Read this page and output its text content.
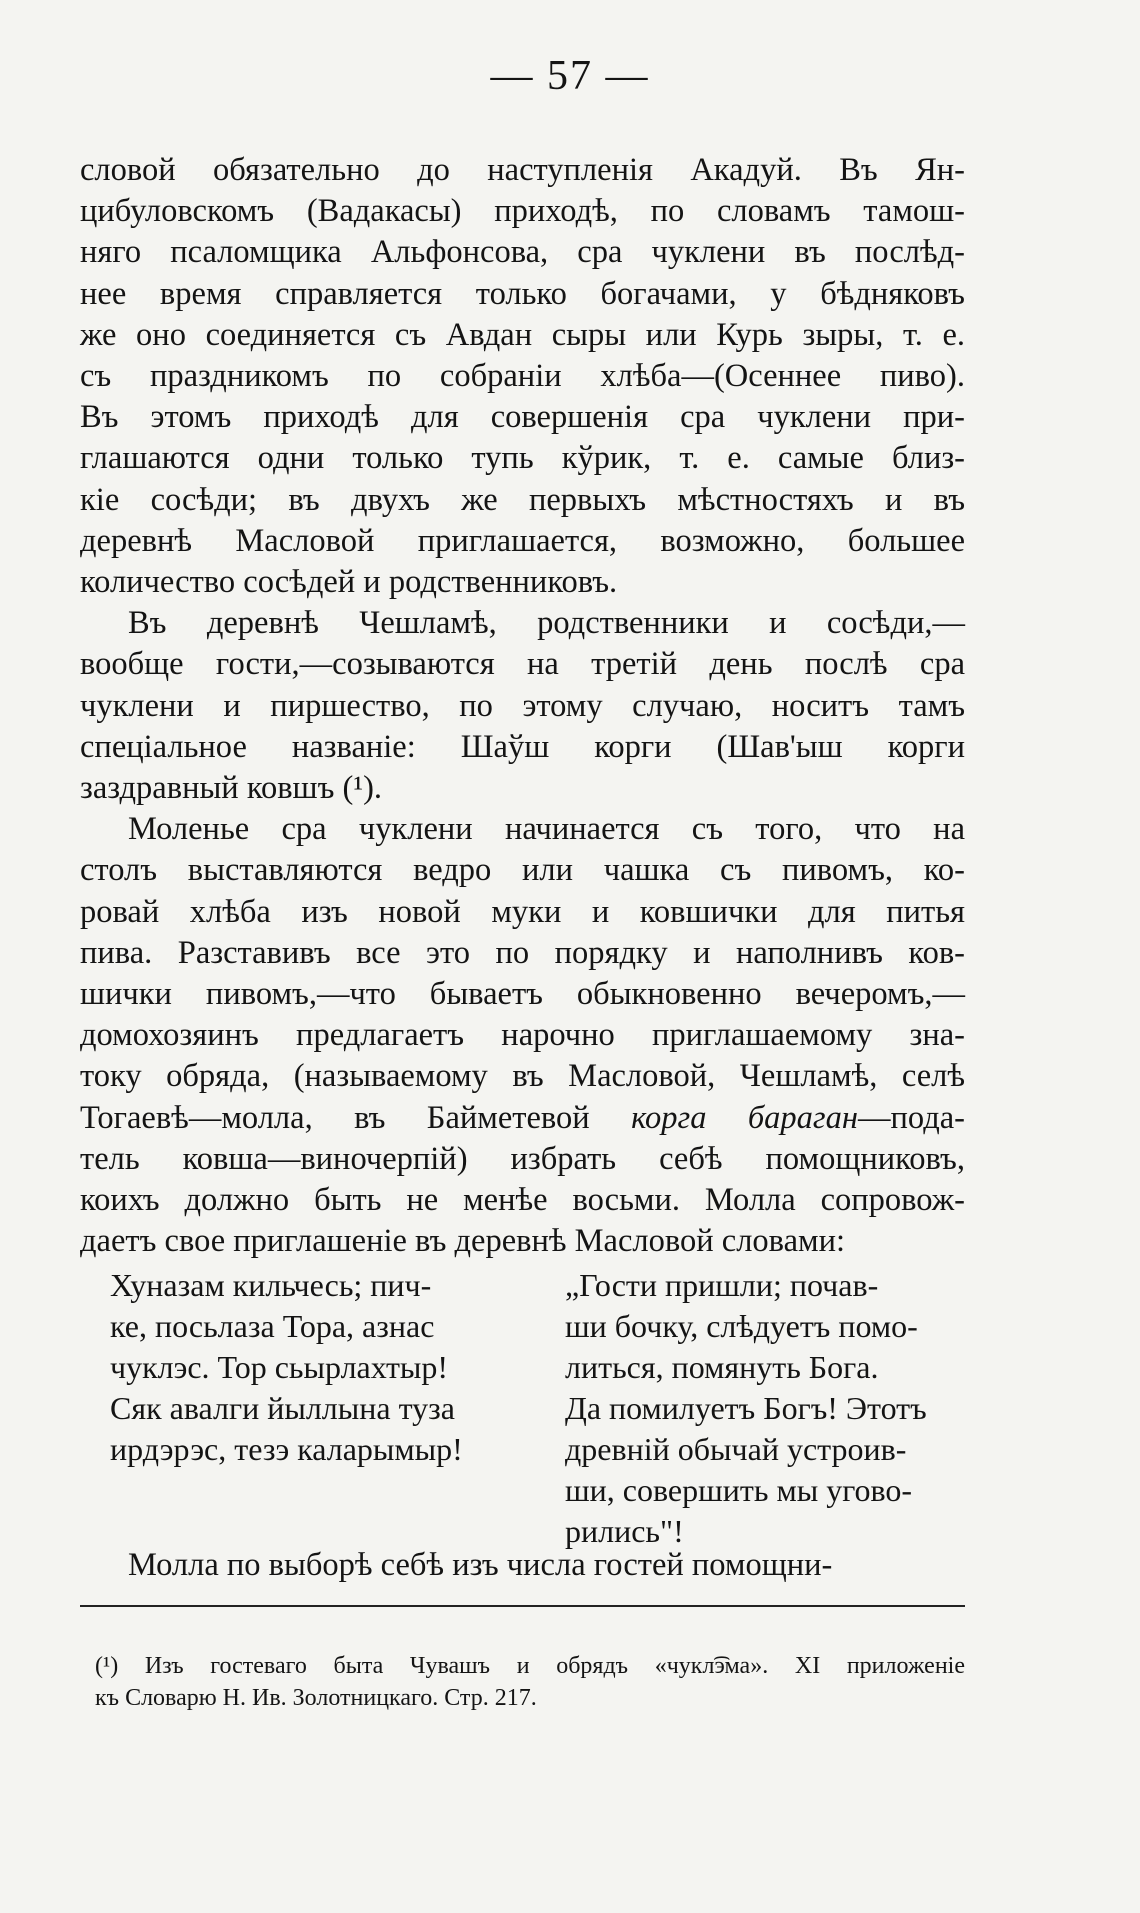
— 57 —

словой обязательно до наступленія Акадуй. Въ Ян-
цибуловскомъ (Вадакасы) приходѣ, по словамъ тамош-
няго псаломщика Альфонсова, сра чуклени въ послѣд-
нее время справляется только богачами, у бѣдняковъ
же оно соединяется съ Авдан сыры или Курь зыры, т. е.
съ праздникомъ по собраніи хлѣба—(Осеннее пиво).
Въ этомъ приходѣ для совершенія сра чуклени при-
глашаются одни только тупь кўрик, т. е. самые близ-
кіе сосѣди; въ двухъ же первыхъ мѣстностяхъ и въ
деревнѣ Масловой приглашается, возможно, большее
количество сосѣдей и родственниковъ.

Въ деревнѣ Чешламѣ, родственники и сосѣди,—
вообще гости,—созываются на третій день послѣ сра
чуклени и пиршество, по этому случаю, носитъ тамъ
спеціальное названіе: Шаўш корги (Шав'ыш корги
заздравный ковшъ (¹).

Моленье сра чуклени начинается съ того, что на
столъ выставляются ведро или чашка съ пивомъ, ко-
ровай хлѣба изъ новой муки и ковшички для питья
пива. Разставивъ все это по порядку и наполнивъ ков-
шички пивомъ,—что бываетъ обыкновенно вечеромъ,—
домохозяинъ предлагаетъ нарочно приглашаемому зна-
току обряда, (называемому въ Масловой, Чешламѣ, селѣ
Тогаевѣ—молла, въ Байметевой корга бараган—пода-
тель ковша—виночерпій) избрать себѣ помощниковъ,
коихъ должно быть не менѣе восьми. Молла сопровож-
даетъ свое приглашеніе въ деревнѣ Масловой словами:

Хуназам кильчесь; пич-
ке, посьлаза Тора, азнас
чуклэс. Тор сьырлахтыр!
Сяк авалги йыллына туза
ирдэрэс, тезэ каларымыр!
„Гости пришли; почав-
ши бочку, слѣдуетъ помо-
литься, помянуть Бога.
Да помилуетъ Богъ! Этотъ
древній обычай устроив-
ши, совершить мы угово-
рились"!
Молла по выборѣ себѣ изъ числа гостей помощни-
(¹) Изъ гостеваго быта Чувашъ и обрядъ «чукл͡эма». XI приложеніе
къ Словарю Н. Ив. Золотницкаго. Стр. 217.
